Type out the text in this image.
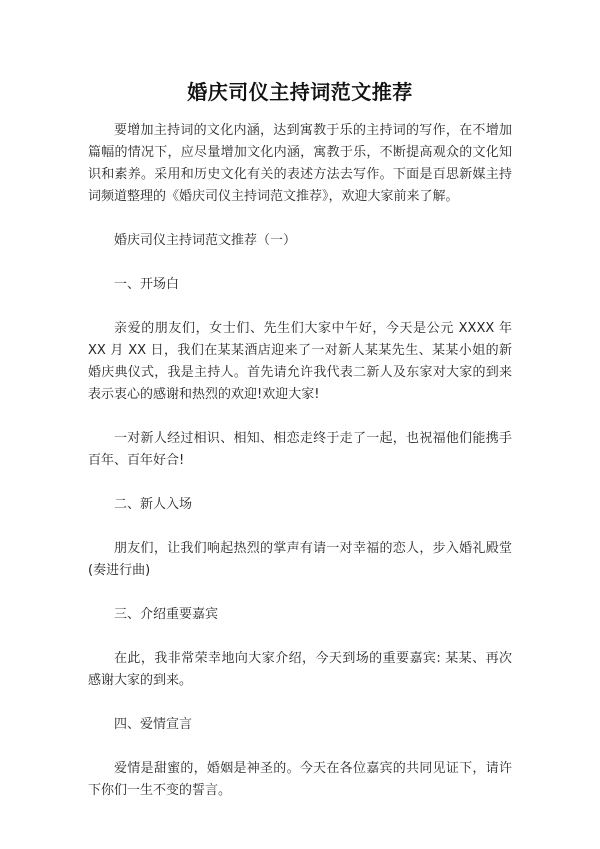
婚庆司仪主持词范文推荐

要增加主持词的文化内涵，达到寓教于乐的主持词的写作，在不增加篇幅的情况下，应尽量增加文化内涵，寓教于乐，不断提高观众的文化知识和素养。采用和历史文化有关的表述方法去写作。下面是百思新媒主持词频道整理的《婚庆司仪主持词范文推荐》，欢迎大家前来了解。

婚庆司仪主持词范文推荐（一）

一、开场白

亲爱的朋友们，女士们、先生们大家中午好，今天是公元 XXXX 年 XX 月 XX 日，我们在某某酒店迎来了一对新人某某先生、某某小姐的新婚庆典仪式，我是主持人。首先请允许我代表二新人及东家对大家的到来表示衷心的感谢和热烈的欢迎!欢迎大家!

一对新人经过相识、相知、相恋走终于走了一起，也祝福他们能携手百年、百年好合!

二、新人入场

朋友们，让我们响起热烈的掌声有请一对幸福的恋人，步入婚礼殿堂(奏进行曲)

三、介绍重要嘉宾

在此，我非常荣幸地向大家介绍，今天到场的重要嘉宾: 某某、再次感谢大家的到来。

四、爱情宣言

爱情是甜蜜的，婚姻是神圣的。今天在各位嘉宾的共同见证下，请许下你们一生不变的誓言。
